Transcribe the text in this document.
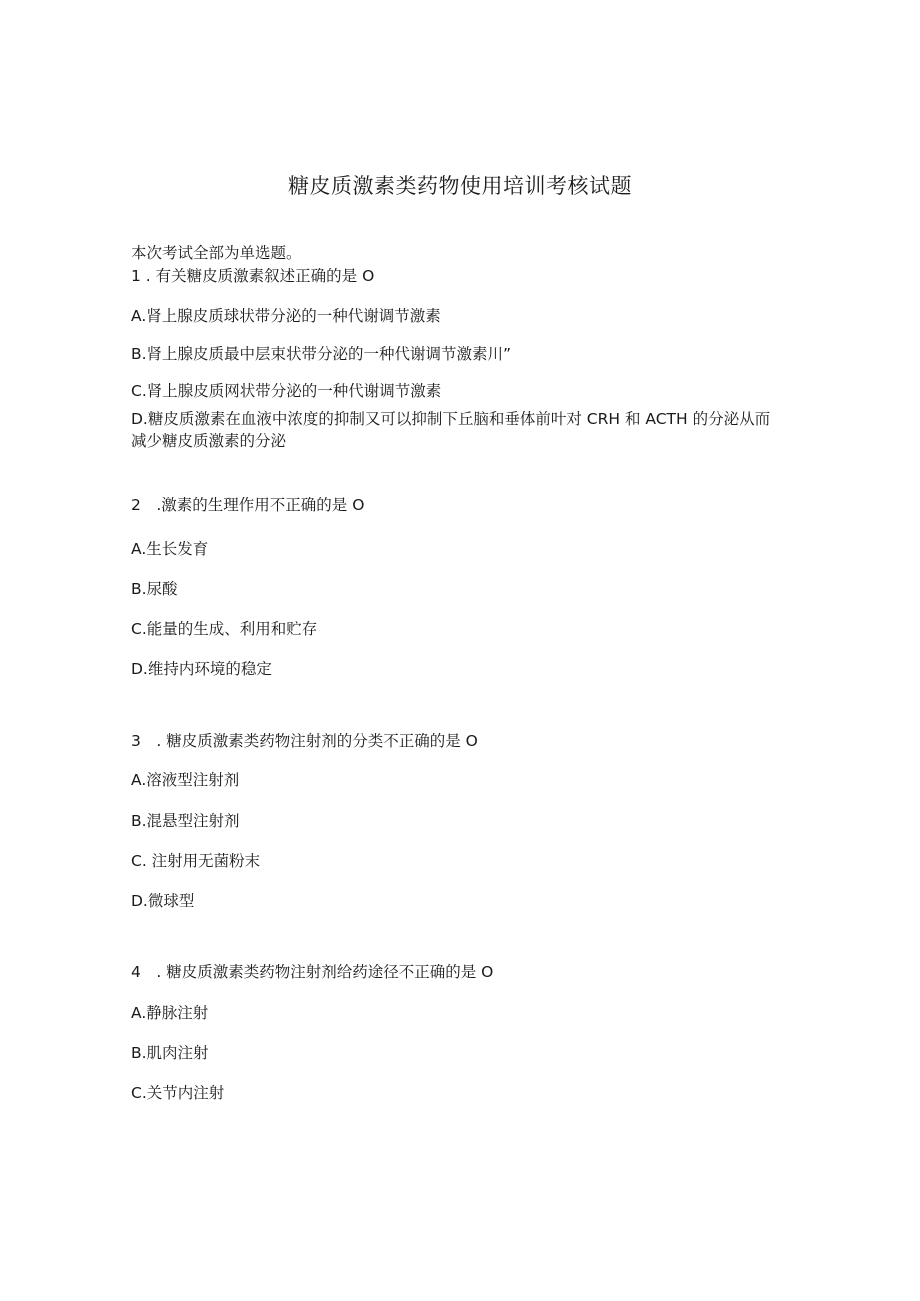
糖皮质激素类药物使用培训考核试题
本次考试全部为单选题。
1 . 有关糖皮质激素叙述正确的是 O
A.肾上腺皮质球状带分泌的一种代谢调节激素
B.肾上腺皮质最中层束状带分泌的一种代谢调节激素川”
C.肾上腺皮质网状带分泌的一种代谢调节激素
D.糖皮质激素在血液中浓度的抑制又可以抑制下丘脑和垂体前叶对 CRH 和 ACTH 的分泌从而减少糖皮质激素的分泌
2　.激素的生理作用不正确的是 O
A.生长发育
B.尿酸
C.能量的生成、利用和贮存
D.维持内环境的稳定
3　. 糖皮质激素类药物注射剂的分类不正确的是 O
A.溶液型注射剂
B.混悬型注射剂
C. 注射用无菌粉末
D.微球型
4　. 糖皮质激素类药物注射剂给药途径不正确的是 O
A.静脉注射
B.肌肉注射
C.关节内注射
